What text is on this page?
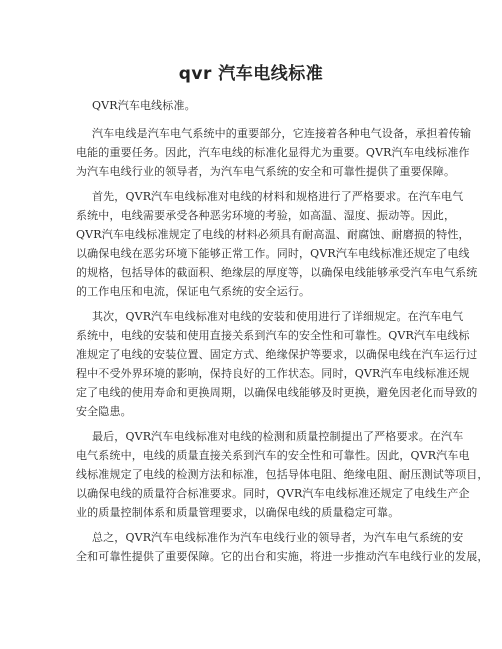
qvr 汽车电线标准
QVR汽车电线标准。
汽车电线是汽车电气系统中的重要部分，它连接着各种电气设备，承担着传输
电能的重要任务。因此，汽车电线的标准化显得尤为重要。QVR汽车电线标准作
为汽车电线行业的领导者，为汽车电气系统的安全和可靠性提供了重要保障。
首先，QVR汽车电线标准对电线的材料和规格进行了严格要求。在汽车电气
系统中，电线需要承受各种恶劣环境的考验，如高温、湿度、振动等。因此，
QVR汽车电线标准规定了电线的材料必须具有耐高温、耐腐蚀、耐磨损的特性，
以确保电线在恶劣环境下能够正常工作。同时，QVR汽车电线标准还规定了电线
的规格，包括导体的截面积、绝缘层的厚度等，以确保电线能够承受汽车电气系统
的工作电压和电流，保证电气系统的安全运行。
其次，QVR汽车电线标准对电线的安装和使用进行了详细规定。在汽车电气
系统中，电线的安装和使用直接关系到汽车的安全性和可靠性。QVR汽车电线标
准规定了电线的安装位置、固定方式、绝缘保护等要求，以确保电线在汽车运行过
程中不受外界环境的影响，保持良好的工作状态。同时，QVR汽车电线标准还规
定了电线的使用寿命和更换周期，以确保电线能够及时更换，避免因老化而导致的
安全隐患。
最后，QVR汽车电线标准对电线的检测和质量控制提出了严格要求。在汽车
电气系统中，电线的质量直接关系到汽车的安全性和可靠性。因此，QVR汽车电
线标准规定了电线的检测方法和标准，包括导体电阻、绝缘电阻、耐压测试等项目，
以确保电线的质量符合标准要求。同时，QVR汽车电线标准还规定了电线生产企
业的质量控制体系和质量管理要求，以确保电线的质量稳定可靠。
总之，QVR汽车电线标准作为汽车电线行业的领导者，为汽车电气系统的安
全和可靠性提供了重要保障。它的出台和实施，将进一步推动汽车电线行业的发展，
